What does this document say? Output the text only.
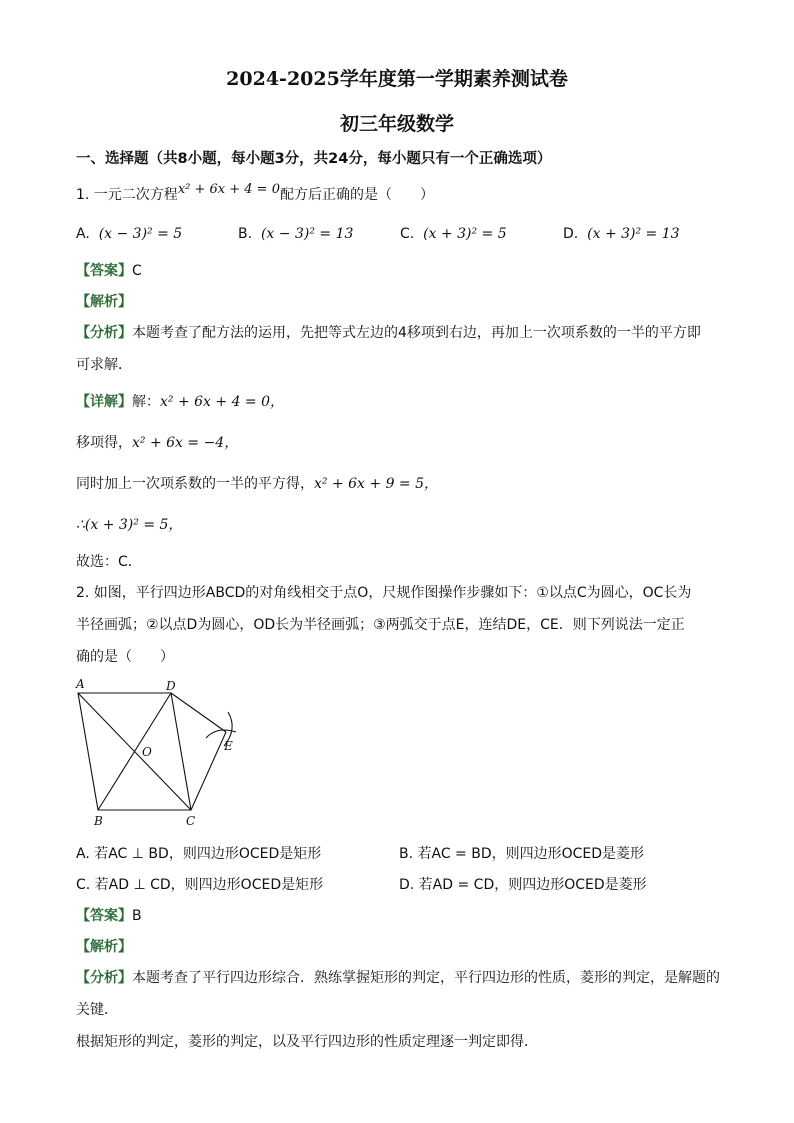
2024-2025学年度第一学期素养测试卷
初三年级数学
一、选择题（共8小题，每小题3分，共24分，每小题只有一个正确选项）
1. 一元二次方程x² + 6x + 4 = 0配方后正确的是（　　）
A. (x − 3)² = 5	B. (x − 3)² = 13	C. (x + 3)² = 5	D. (x + 3)² = 13
【答案】C
【解析】
【分析】本题考查了配方法的运用，先把等式左边的4移项到右边，再加上一次项系数的一半的平方即
可求解．
【详解】解：x² + 6x + 4 = 0，
移项得，x² + 6x = −4，
同时加上一次项系数的一半的平方得，x² + 6x + 9 = 5，
∴(x + 3)² = 5，
故选：C．
2. 如图，平行四边形ABCD的对角线相交于点O，尺规作图操作步骤如下：①以点C为圆心，OC长为
半径画弧；②以点D为圆心，OD长为半径画弧；③两弧交于点E，连结DE，CE．则下列说法一定正
确的是（　　）
A	D
O	E
B	C
A. 若AC ⊥ BD，则四边形OCED是矩形	B. 若AC = BD，则四边形OCED是菱形
C. 若AD ⊥ CD，则四边形OCED是矩形	D. 若AD = CD，则四边形OCED是菱形
【答案】B
【解析】
【分析】本题考查了平行四边形综合．熟练掌握矩形的判定，平行四边形的性质，菱形的判定，是解题的
关键．
根据矩形的判定，菱形的判定，以及平行四边形的性质定理逐一判定即得．
